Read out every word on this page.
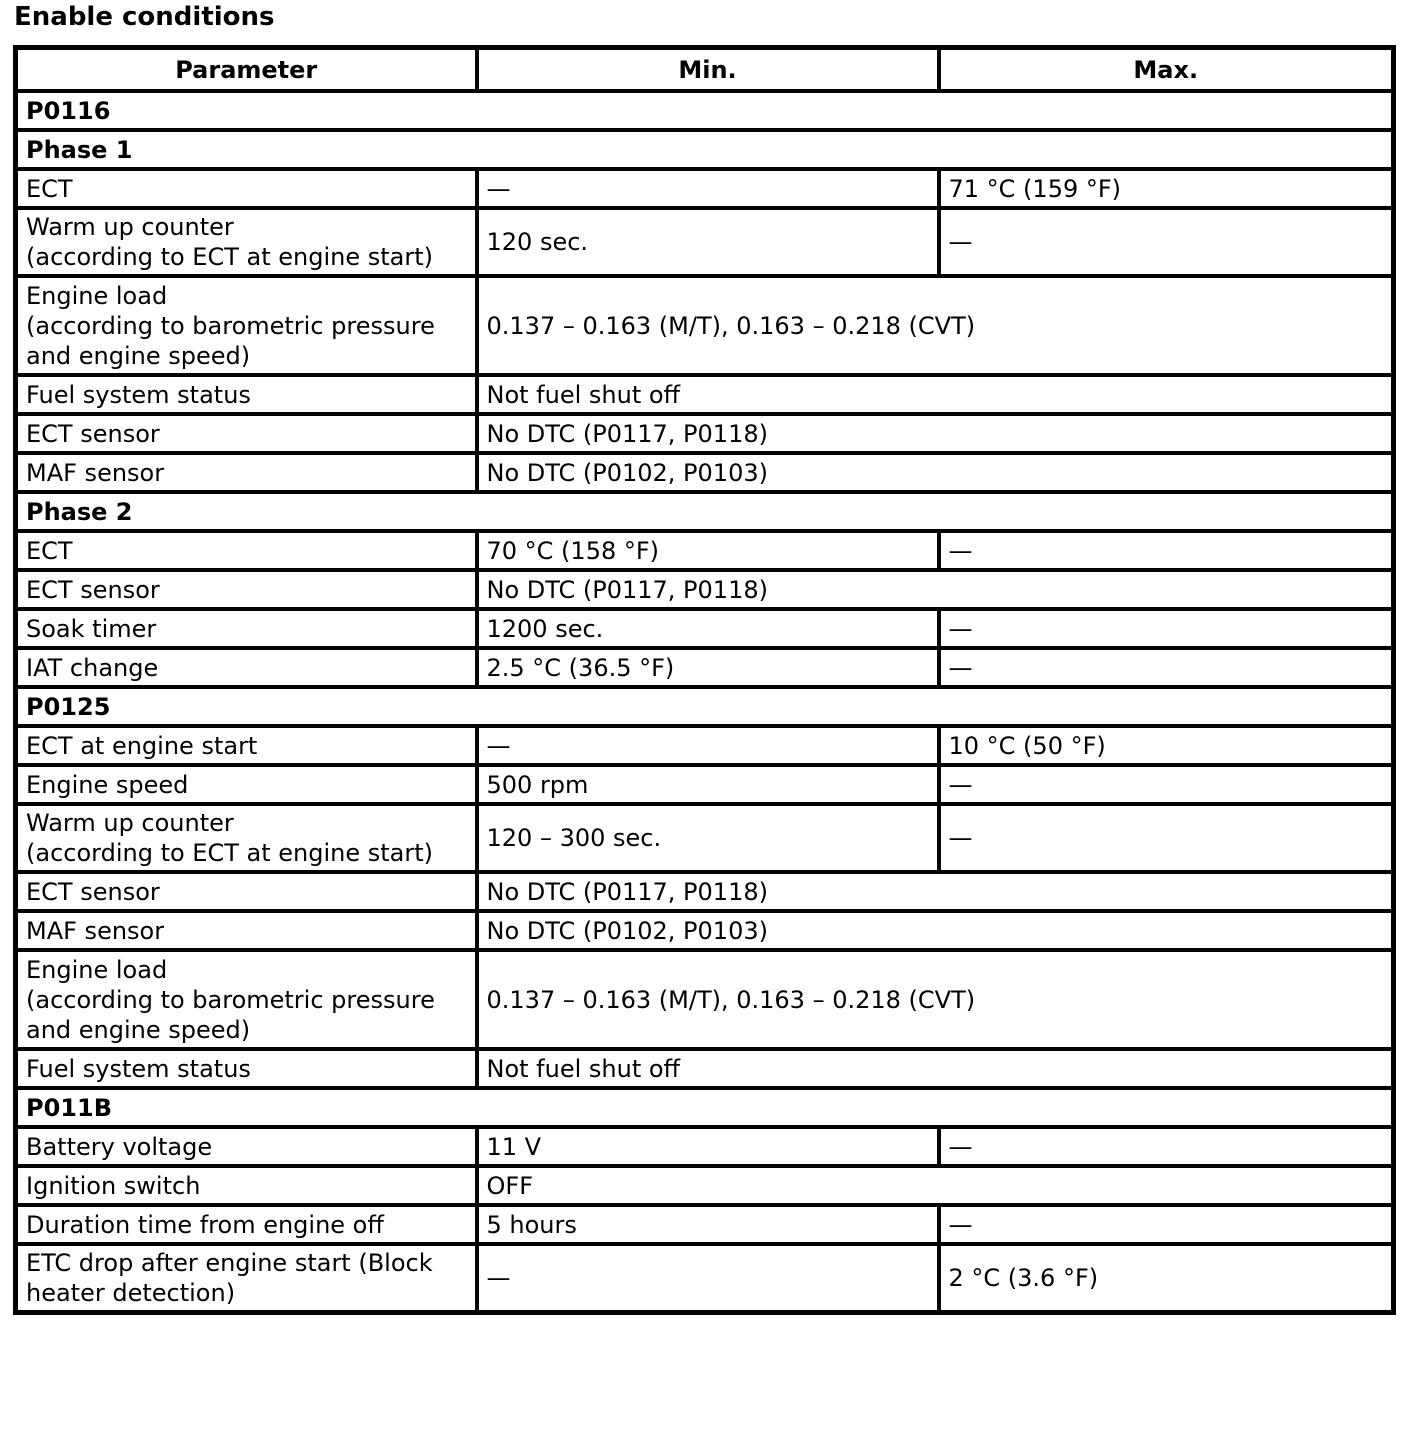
Enable conditions
Parameter	Min.	Max.
P0116		
Phase 1		
ECT	—	71 °C (159 °F)

Warm up counter
(according to ECT at engine start)	120 sec.	—

Engine load
(according to barometric pressure
and engine speed)	0.137 – 0.163 (M/T), 0.163 – 0.218 (CVT)	
Fuel system status	Not fuel shut off	
ECT sensor	No DTC (P0117, P0118)	
MAF sensor	No DTC (P0102, P0103)	
Phase 2		
ECT	70 °C (158 °F)	—
ECT sensor	No DTC (P0117, P0118)	
Soak timer	1200 sec.	—
IAT change	2.5 °C (36.5 °F)	—
P0125		
ECT at engine start	—	10 °C (50 °F)
Engine speed	500 rpm	—

Warm up counter
(according to ECT at engine start)	120 – 300 sec.	—
ECT sensor	No DTC (P0117, P0118)	
MAF sensor	No DTC (P0102, P0103)	

Engine load
(according to barometric pressure
and engine speed)	0.137 – 0.163 (M/T), 0.163 – 0.218 (CVT)	
Fuel system status	Not fuel shut off	
P011B		
Battery voltage	11 V	—
Ignition switch	OFF	
Duration time from engine off	5 hours	—

ETC drop after engine start (Block
heater detection)	—	2 °C (3.6 °F)
